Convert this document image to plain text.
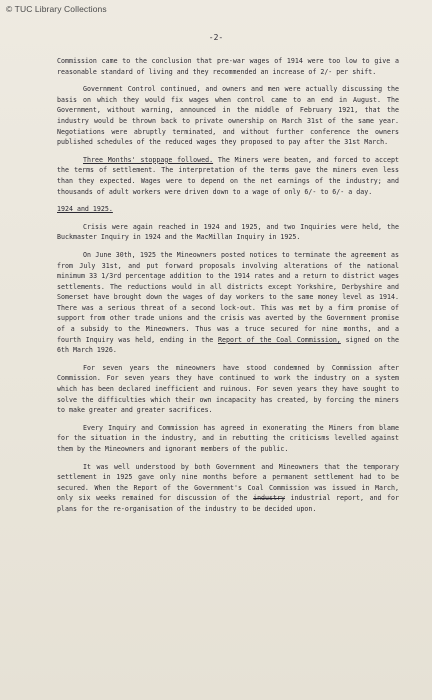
© TUC Library Collections
-2-

Commission came to the conclusion that pre-war wages of 1914 were too low to give a reasonable standard of living and they recommended an increase of 2/- per shift.

Government Control continued, and owners and men were actually discussing the basis on which they would fix wages when control came to an end in August. The Government, without warning, announced in the middle of February 1921, that the industry would be thrown back to private ownership on March 31st of the same year. Negotiations were abruptly terminated, and without further conference the owners published schedules of the reduced wages they proposed to pay after the 31st March.

Three Months' stoppage followed. The Miners were beaten, and forced to accept the terms of settlement. The interpretation of the terms gave the miners even less than they expected. Wages were to depend on the net earnings of the industry; and thousands of adult workers were driven down to a wage of only 6/- to 6/- a day.

1924 and 1925.

Crisis were again reached in 1924 and 1925, and two Inquiries were held, the Buckmaster Inquiry in 1924 and the MacMillan Inquiry in 1925.

On June 30th, 1925 the Mineowners posted notices to terminate the agreement as from July 31st, and put forward proposals involving alterations of the national minimum 33 1/3rd percentage addition to the 1914 rates and a return to district wages settlements. The reductions would in all districts except Yorkshire, Derbyshire and Somerset have brought down the wages of day workers to the same money level as 1914. There was a serious threat of a second lock-out. This was met by a firm promise of support from other trade unions and the crisis was averted by the Government promise of a subsidy to the Mineowners. Thus was a truce secured for nine months, and a fourth Inquiry was held, ending in the Report of the Coal Commission, signed on the 6th March 1926.

For seven years the mineowners have stood condemned by Commission after Commission. For seven years they have continued to work the industry on a system which has been declared inefficient and ruinous. For seven years they have sought to solve the difficulties which their own incapacity has created, by forcing the miners to make greater and greater sacrifices.

Every Inquiry and Commission has agreed in exonerating the Miners from blame for the situation in the industry, and in rebutting the criticisms levelled against them by the Mineowners and ignorant members of the public.

It was well understood by both Government and Mineowners that the temporary settlement in 1925 gave only nine months before a permanent settlement had to be secured. When the Report of the Government's Coal Commission was issued in March, only six weeks remained for discussion of the industry industrial report, and for plans for the re-organisation of the industry to be decided upon.
